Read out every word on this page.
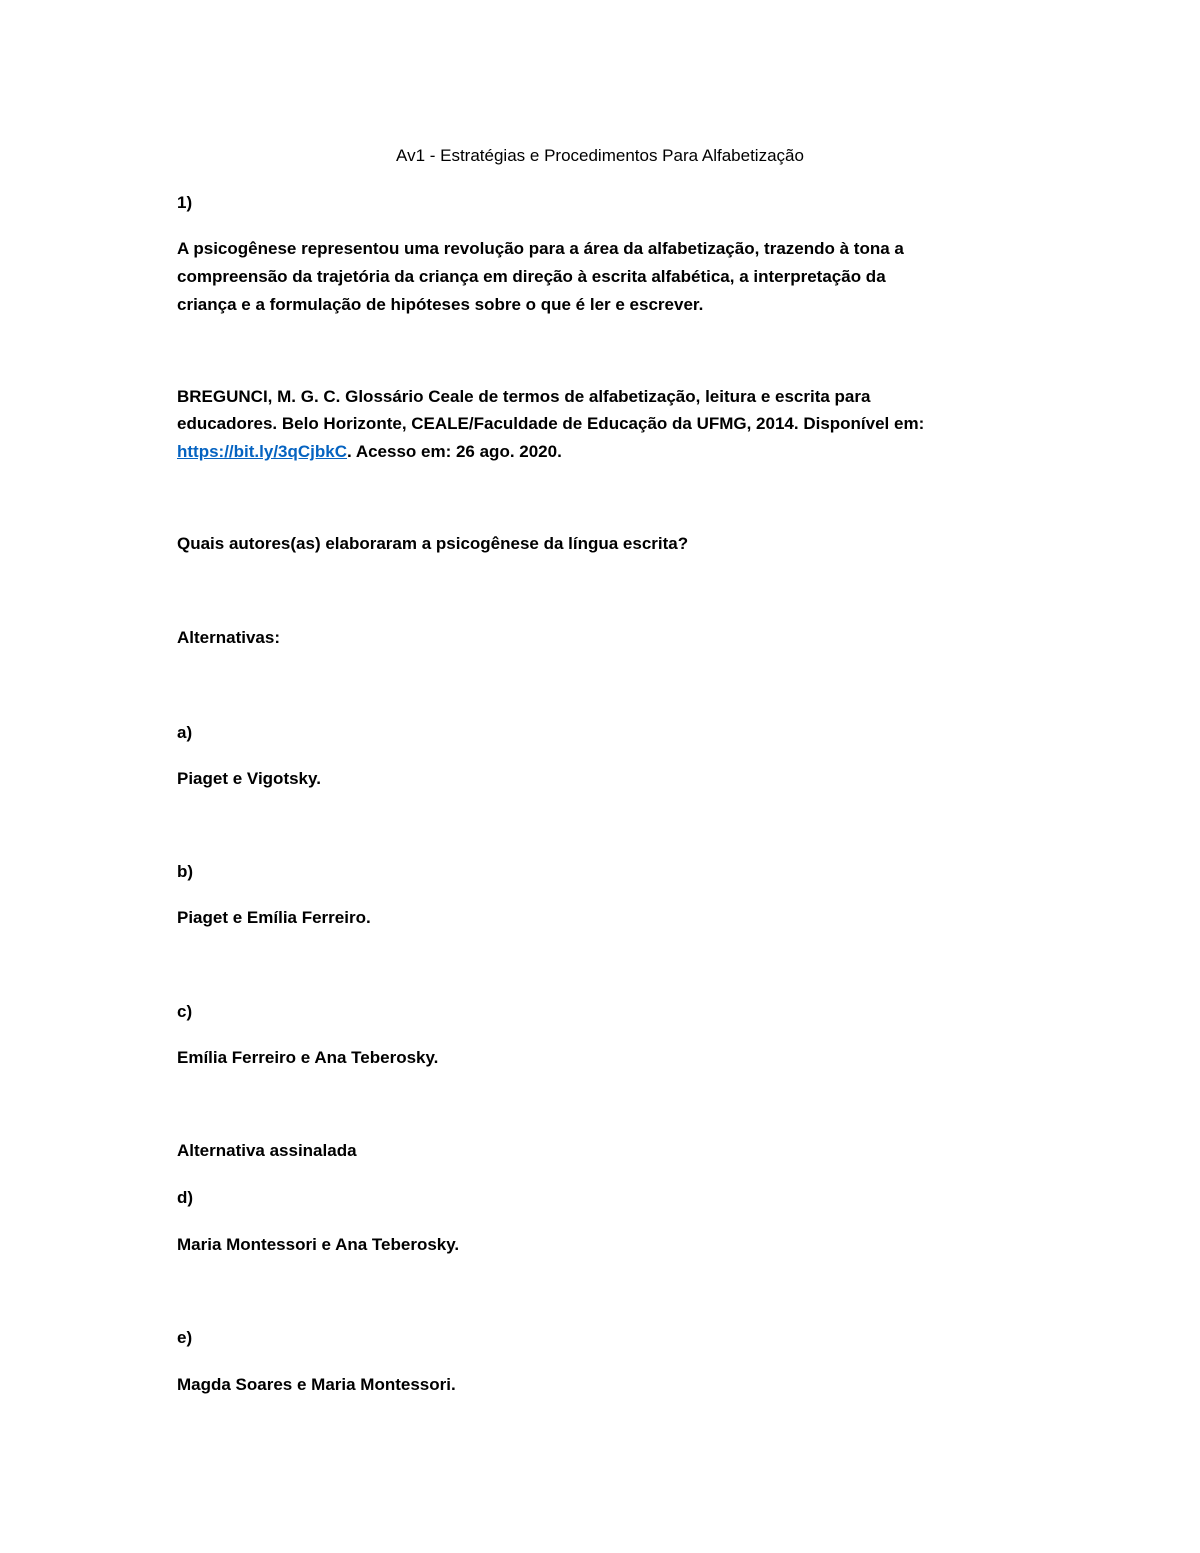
Av1 - Estratégias e Procedimentos Para Alfabetização
1)
A psicogênese representou uma revolução para a área da alfabetização, trazendo à tona a
compreensão da trajetória da criança em direção à escrita alfabética, a interpretação da
criança e a formulação de hipóteses sobre o que é ler e escrever.
BREGUNCI, M. G. C. Glossário Ceale de termos de alfabetização, leitura e escrita para
educadores. Belo Horizonte, CEALE/Faculdade de Educação da UFMG, 2014. Disponível em:
https://bit.ly/3qCjbkC. Acesso em: 26 ago. 2020.
Quais autores(as) elaboraram a psicogênese da língua escrita?
Alternativas:
a)
Piaget e Vigotsky.
b)
Piaget e Emília Ferreiro.
c)
Emília Ferreiro e Ana Teberosky.
Alternativa assinalada
d)
Maria Montessori e Ana Teberosky.
e)
Magda Soares e Maria Montessori.
